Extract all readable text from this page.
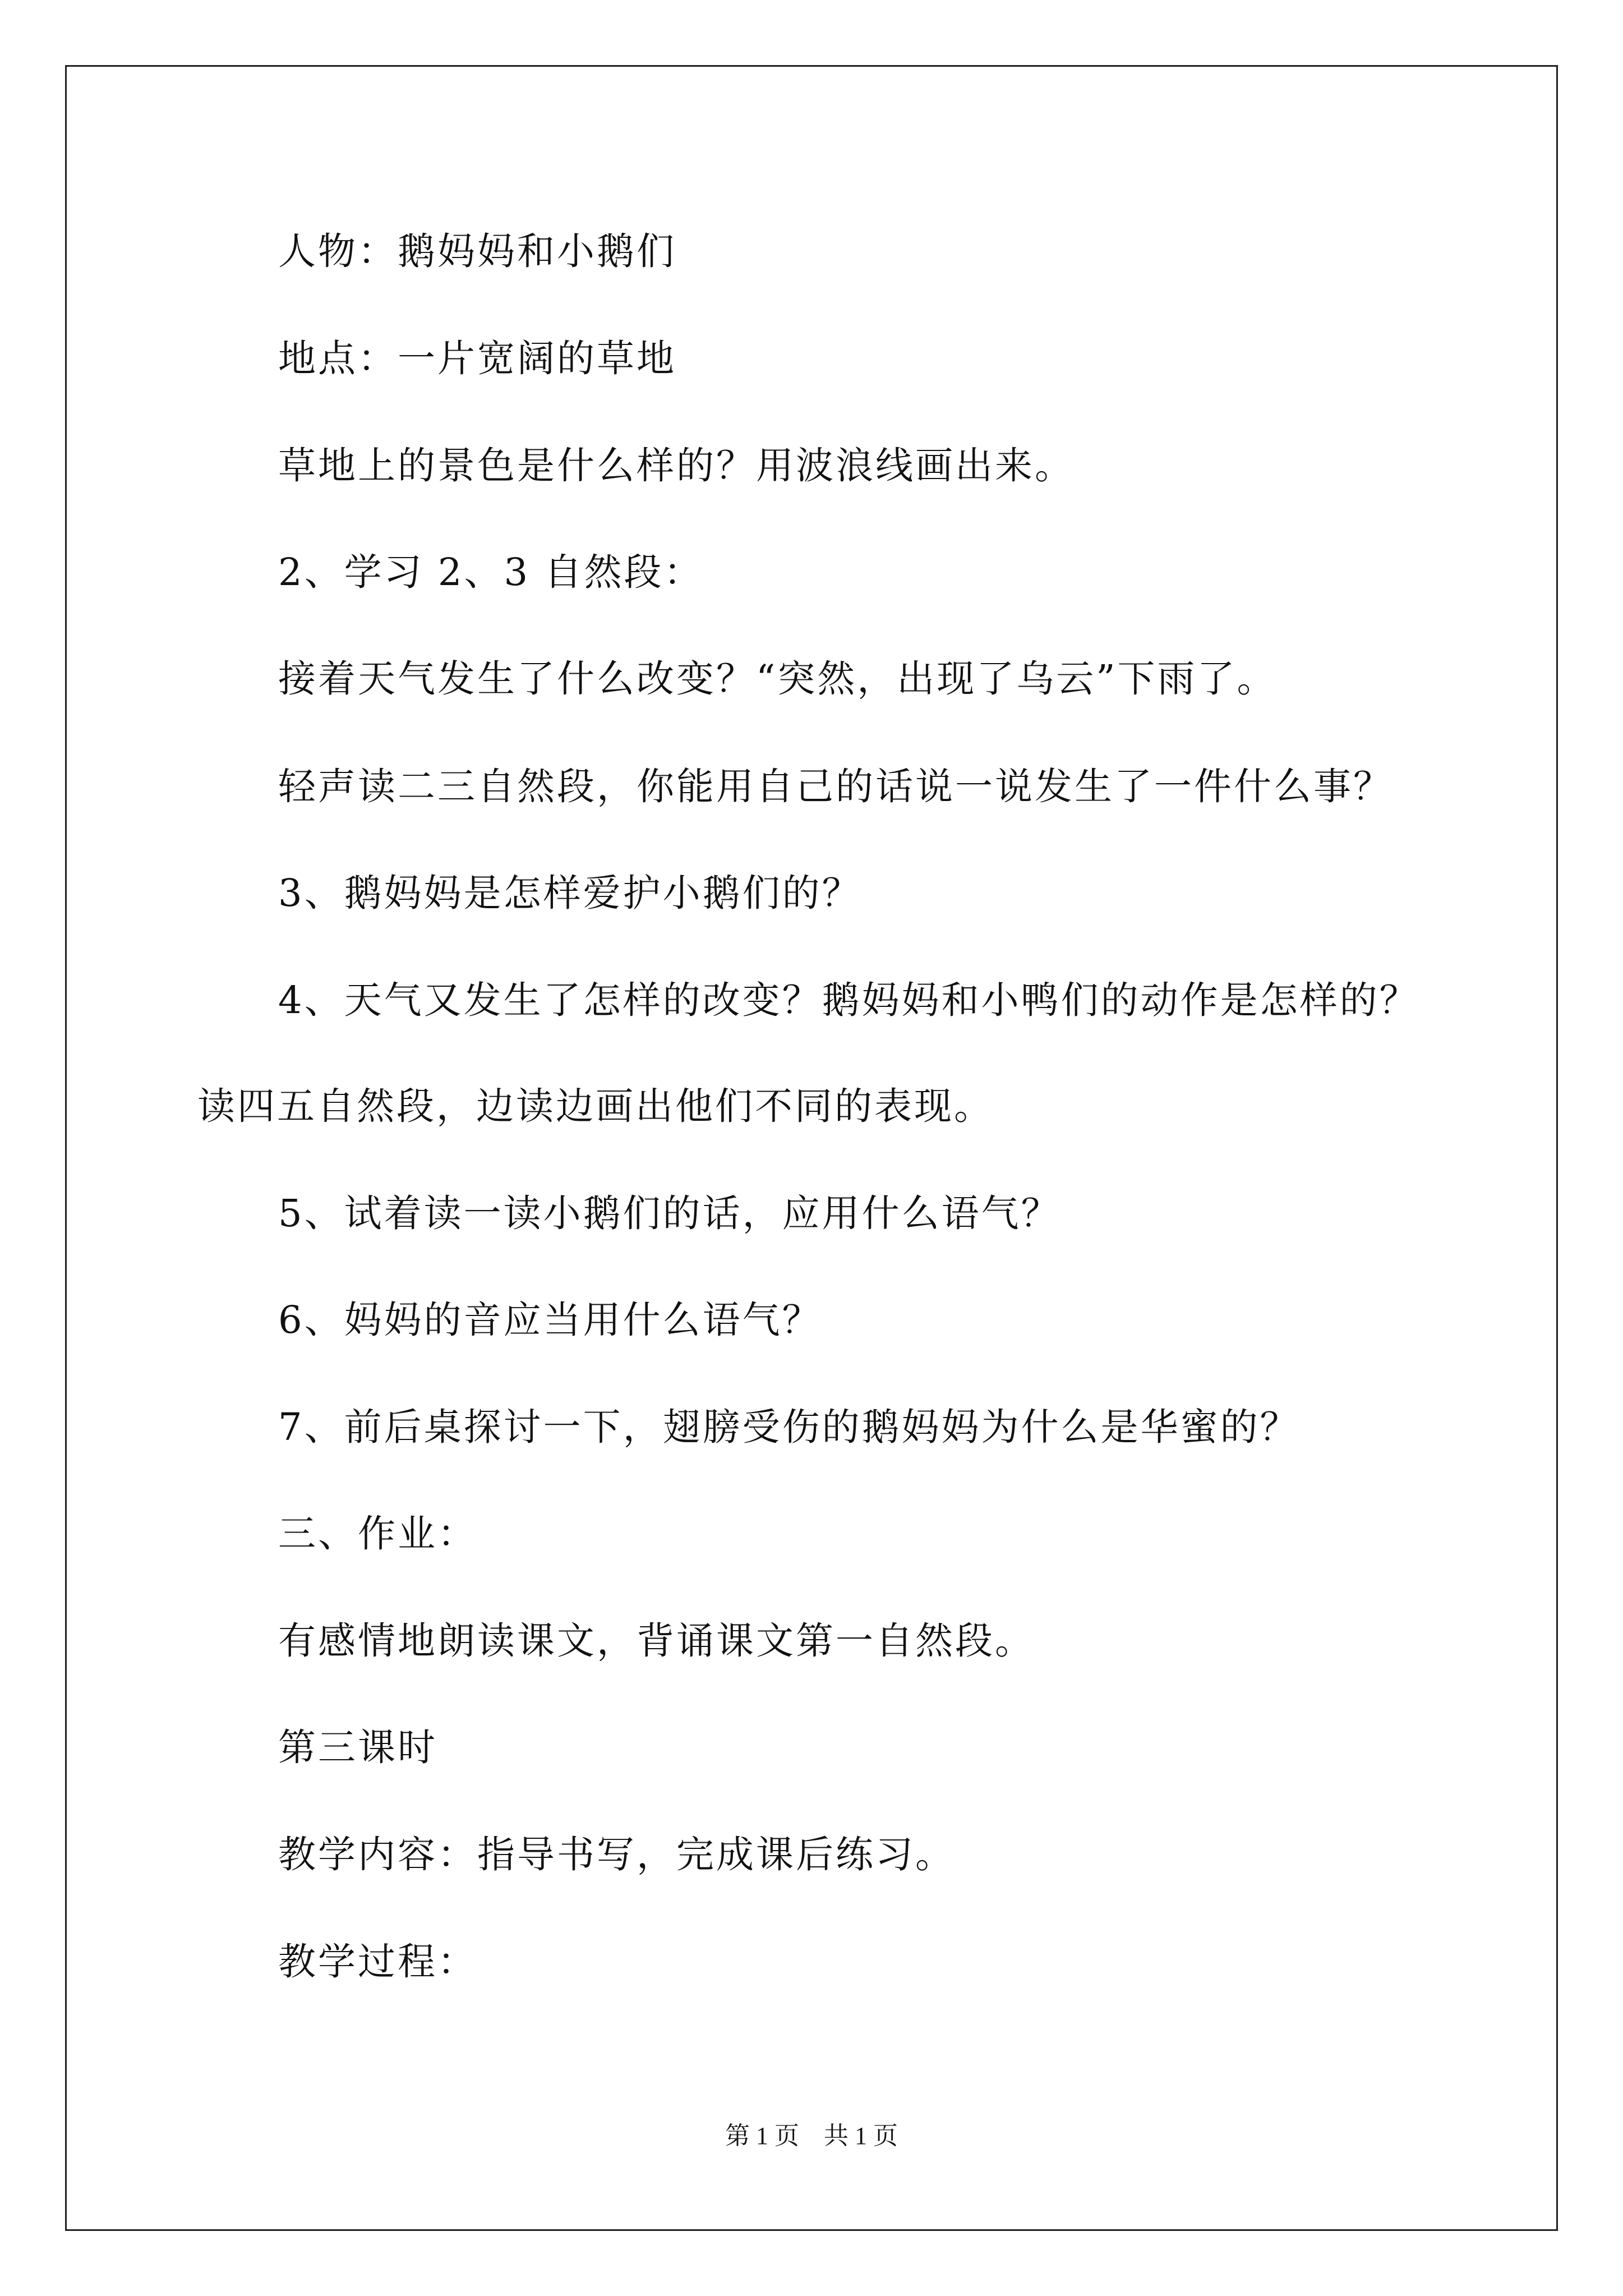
人物：鹅妈妈和小鹅们
地点：一片宽阔的草地
草地上的景色是什么样的？用波浪线画出来。
2、学习 2、3 自然段：
接着天气发生了什么改变？“突然，出现了乌云”下雨了。
轻声读二三自然段，你能用自己的话说一说发生了一件什么事？
3、鹅妈妈是怎样爱护小鹅们的？
4、天气又发生了怎样的改变？鹅妈妈和小鸭们的动作是怎样的？
读四五自然段，边读边画出他们不同的表现。
5、试着读一读小鹅们的话，应用什么语气？
6、妈妈的音应当用什么语气？
7、前后桌探讨一下，翅膀受伤的鹅妈妈为什么是华蜜的？
三、作业：
有感情地朗读课文，背诵课文第一自然段。
第三课时
教学内容：指导书写，完成课后练习。
教学过程：
第 1 页　共 1 页
